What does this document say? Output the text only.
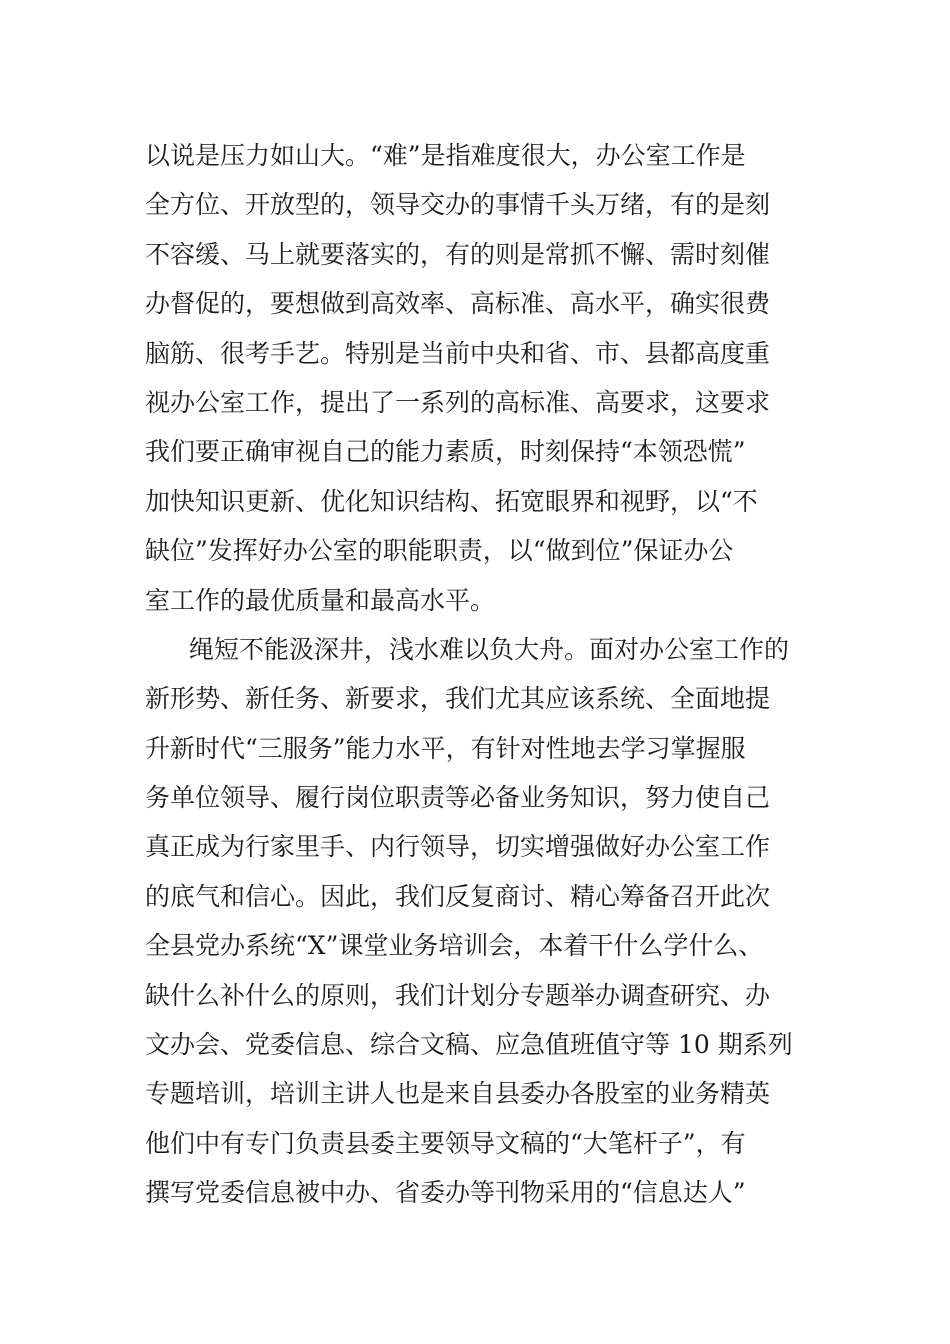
以说是压力如山大。“难”是指难度很大，办公室工作是
全方位、开放型的，领导交办的事情千头万绪，有的是刻
不容缓、马上就要落实的，有的则是常抓不懈、需时刻催
办督促的，要想做到高效率、高标准、高水平，确实很费
脑筋、很考手艺。特别是当前中央和省、市、县都高度重
视办公室工作，提出了一系列的高标准、高要求，这要求
我们要正确审视自己的能力素质，时刻保持“本领恐慌”
加快知识更新、优化知识结构、拓宽眼界和视野，以“不
缺位”发挥好办公室的职能职责，以“做到位”保证办公
室工作的最优质量和最高水平。
绳短不能汲深井，浅水难以负大舟。面对办公室工作的
新形势、新任务、新要求，我们尤其应该系统、全面地提
升新时代“三服务”能力水平，有针对性地去学习掌握服
务单位领导、履行岗位职责等必备业务知识，努力使自己
真正成为行家里手、内行领导，切实增强做好办公室工作
的底气和信心。因此，我们反复商讨、精心筹备召开此次
全县党办系统“X”课堂业务培训会，本着干什么学什么、
缺什么补什么的原则，我们计划分专题举办调查研究、办
文办会、党委信息、综合文稿、应急值班值守等 10 期系列
专题培训，培训主讲人也是来自县委办各股室的业务精英
他们中有专门负责县委主要领导文稿的“大笔杆子”，有
撰写党委信息被中办、省委办等刊物采用的“信息达人”
